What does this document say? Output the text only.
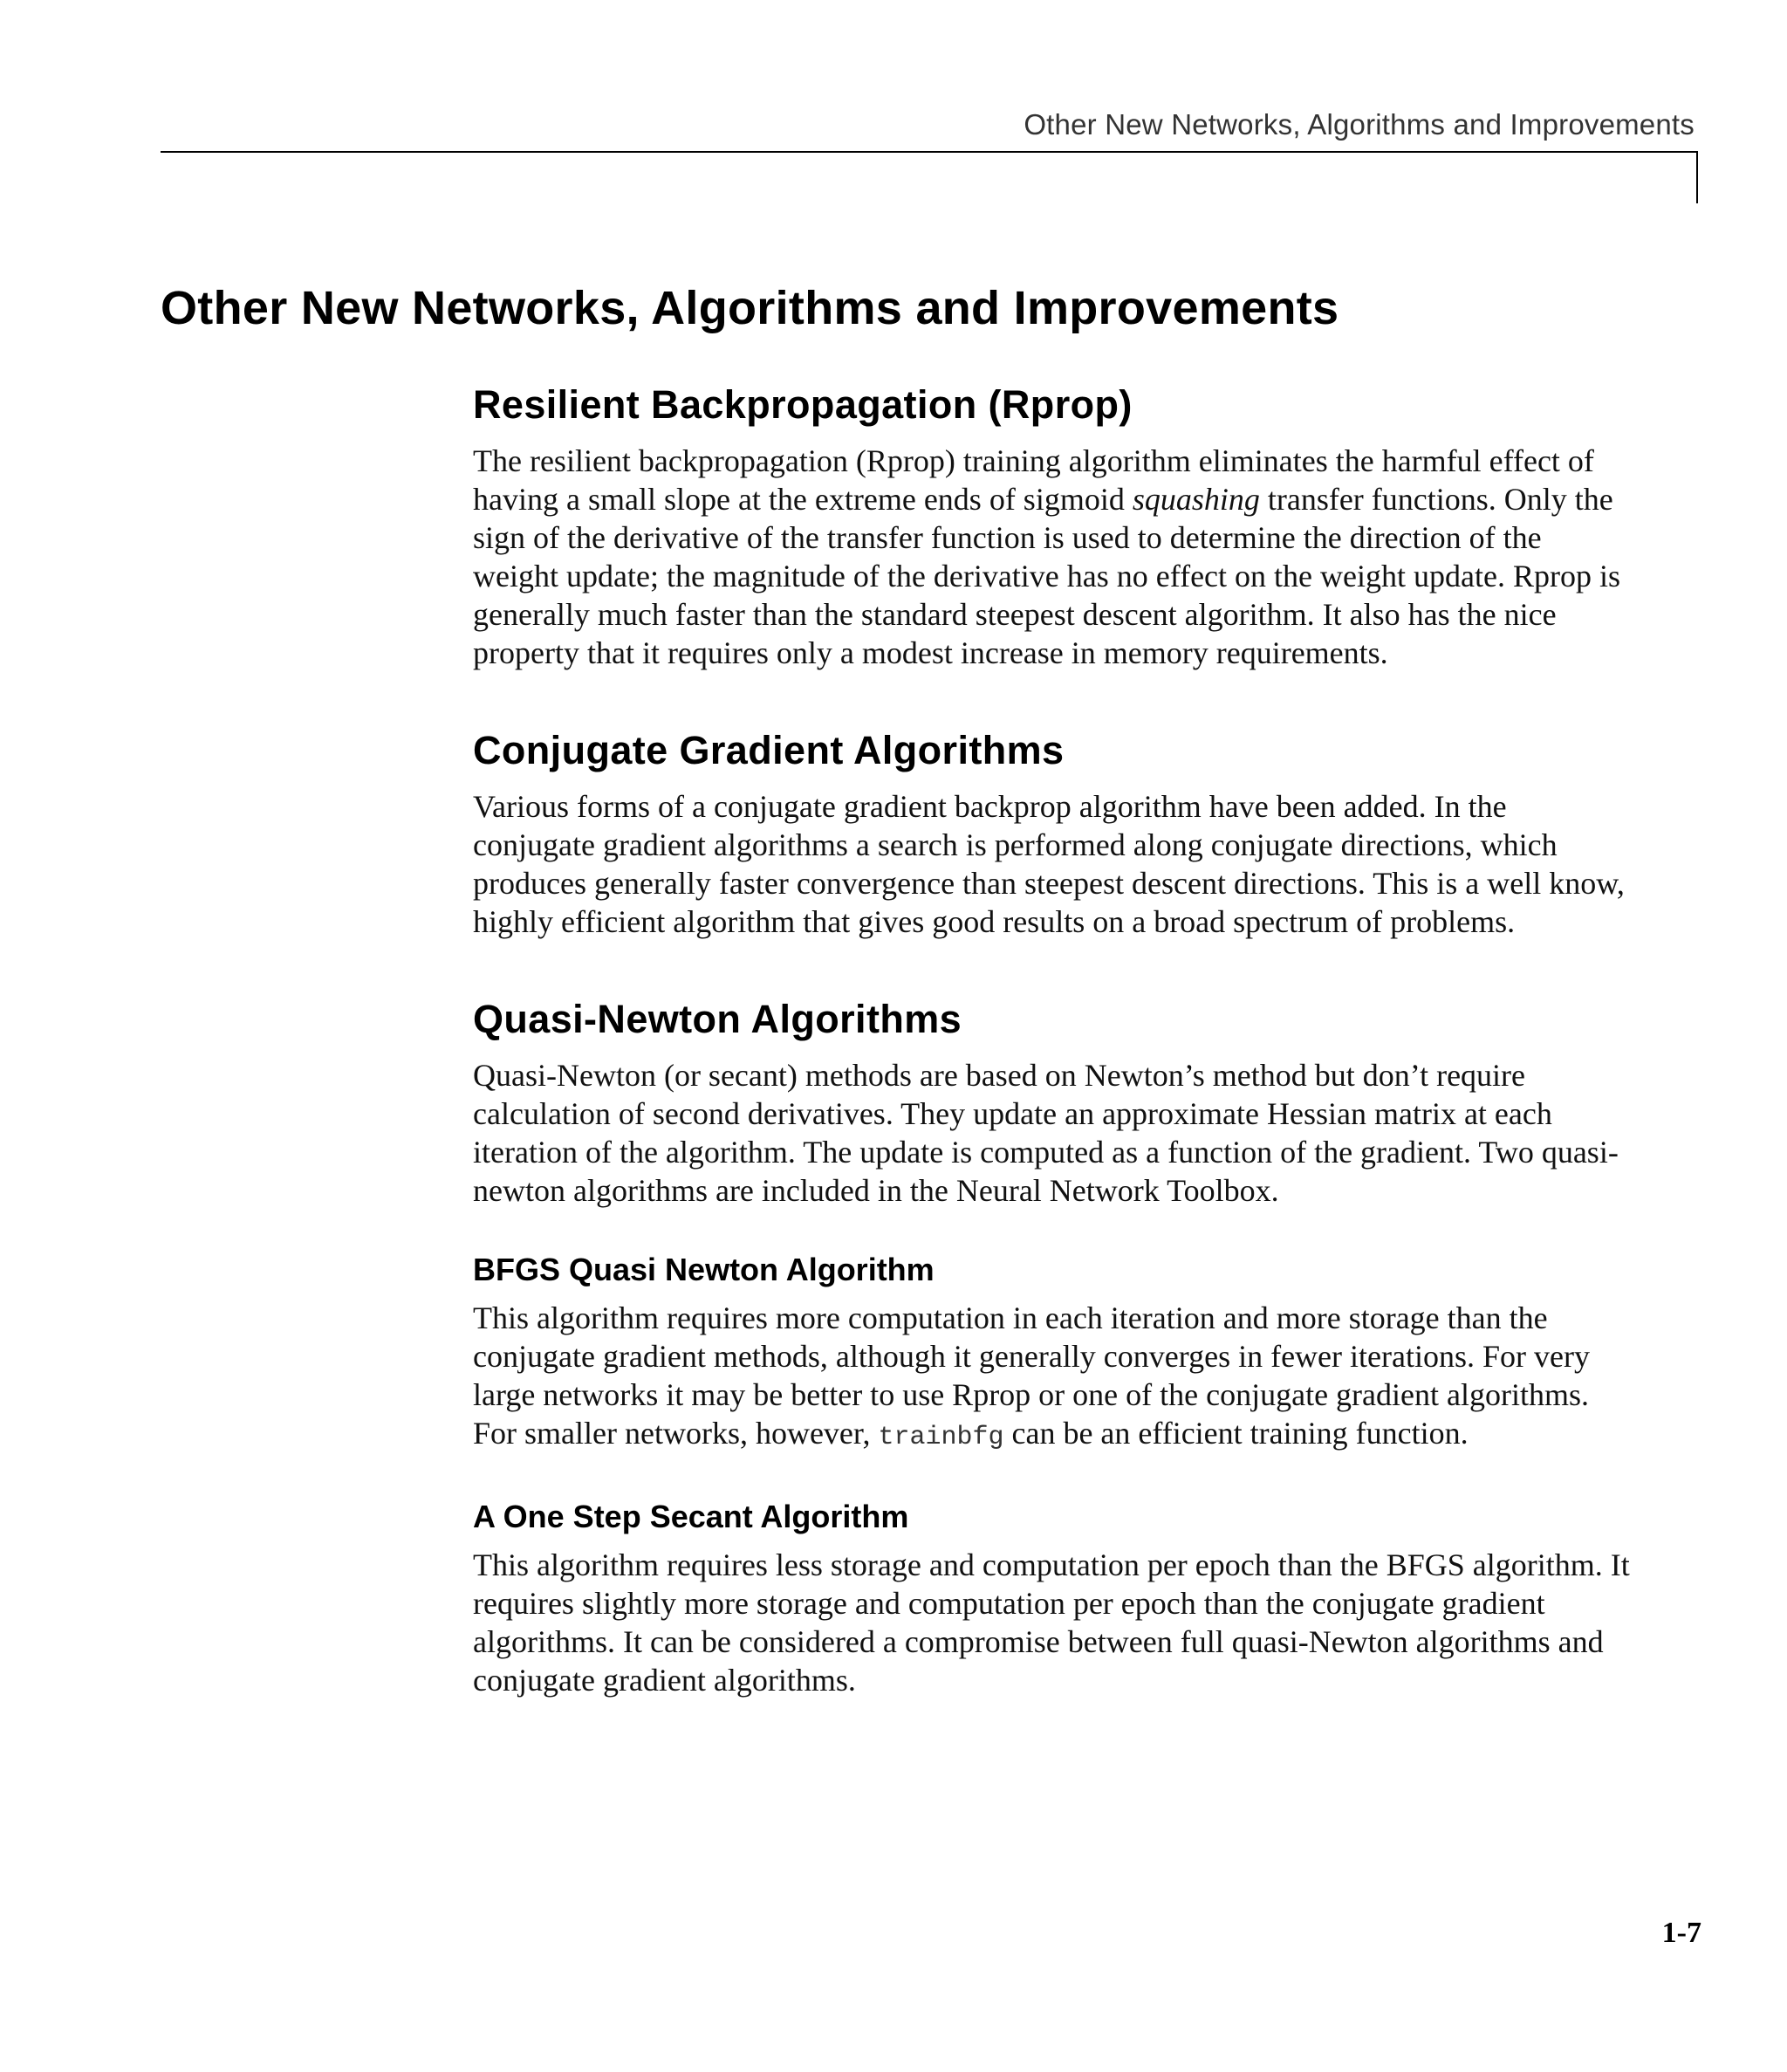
Other New Networks, Algorithms and Improvements
Other New Networks, Algorithms and Improvements
Resilient Backpropagation (Rprop)

The resilient backpropagation (Rprop) training algorithm eliminates the harmful effect of having a small slope at the extreme ends of sigmoid squashing transfer functions. Only the sign of the derivative of the transfer function is used to determine the direction of the weight update; the magnitude of the derivative has no effect on the weight update. Rprop is generally much faster than the standard steepest descent algorithm. It also has the nice property that it requires only a modest increase in memory requirements.

Conjugate Gradient Algorithms

Various forms of a conjugate gradient backprop algorithm have been added. In the conjugate gradient algorithms a search is performed along conjugate directions, which produces generally faster convergence than steepest descent directions. This is a well know, highly efficient algorithm that gives good results on a broad spectrum of problems.

Quasi-Newton Algorithms

Quasi-Newton (or secant) methods are based on Newton’s method but don’t require calculation of second derivatives. They update an approximate Hessian matrix at each iteration of the algorithm. The update is computed as a function of the gradient. Two quasi-newton algorithms are included in the Neural Network Toolbox.

BFGS Quasi Newton Algorithm

This algorithm requires more computation in each iteration and more storage than the conjugate gradient methods, although it generally converges in fewer iterations. For very large networks it may be better to use Rprop or one of the conjugate gradient algorithms. For smaller networks, however, trainbfg can be an efficient training function.

A One Step Secant Algorithm

This algorithm requires less storage and computation per epoch than the BFGS algorithm. It requires slightly more storage and computation per epoch than the conjugate gradient algorithms. It can be considered a compromise between full quasi-Newton algorithms and conjugate gradient algorithms.

1-7
